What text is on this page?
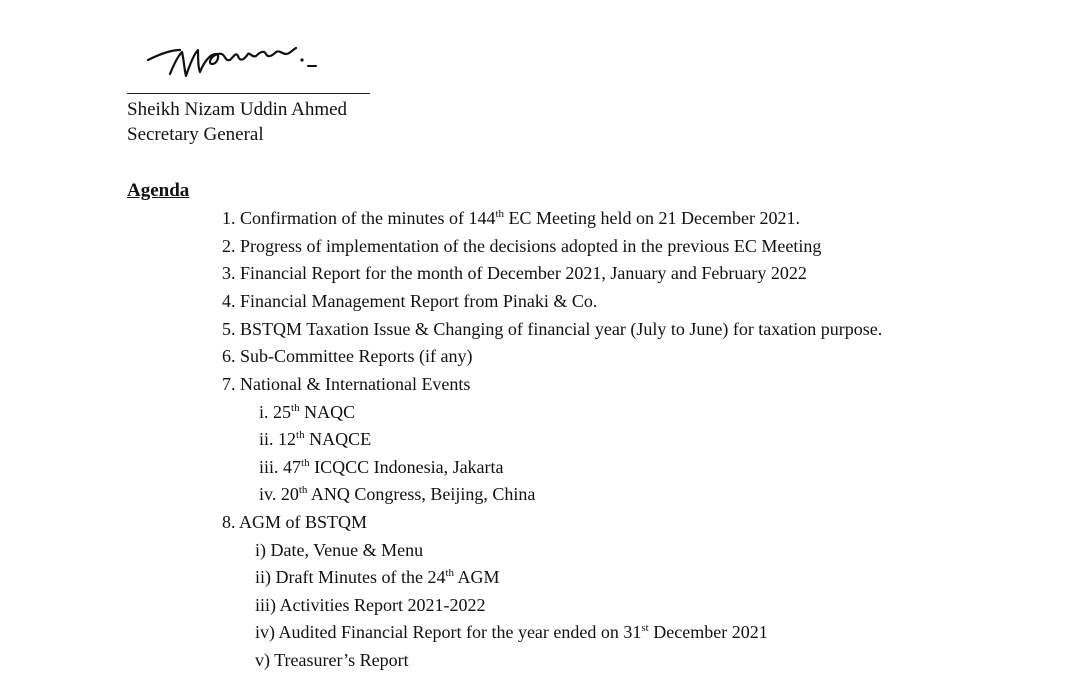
Sheikh Nizam Uddin Ahmed
Secretary General
Agenda
1. Confirmation of the minutes of 144th EC Meeting held on 21 December 2021.
2. Progress of implementation of the decisions adopted in the previous EC Meeting
3. Financial Report for the month of December 2021, January and February 2022
4. Financial Management Report from Pinaki & Co.
5. BSTQM Taxation Issue & Changing of financial year (July to June) for taxation purpose.
6. Sub-Committee Reports (if any)
7. National & International Events
i. 25th NAQC
ii. 12th NAQCE
iii. 47th ICQCC Indonesia, Jakarta
iv. 20th ANQ Congress, Beijing, China
8. AGM of BSTQM
i) Date, Venue & Menu
ii) Draft Minutes of the 24th AGM
iii) Activities Report 2021-2022
iv) Audited Financial Report for the year ended on 31st December 2021
v) Treasurer’s Report
